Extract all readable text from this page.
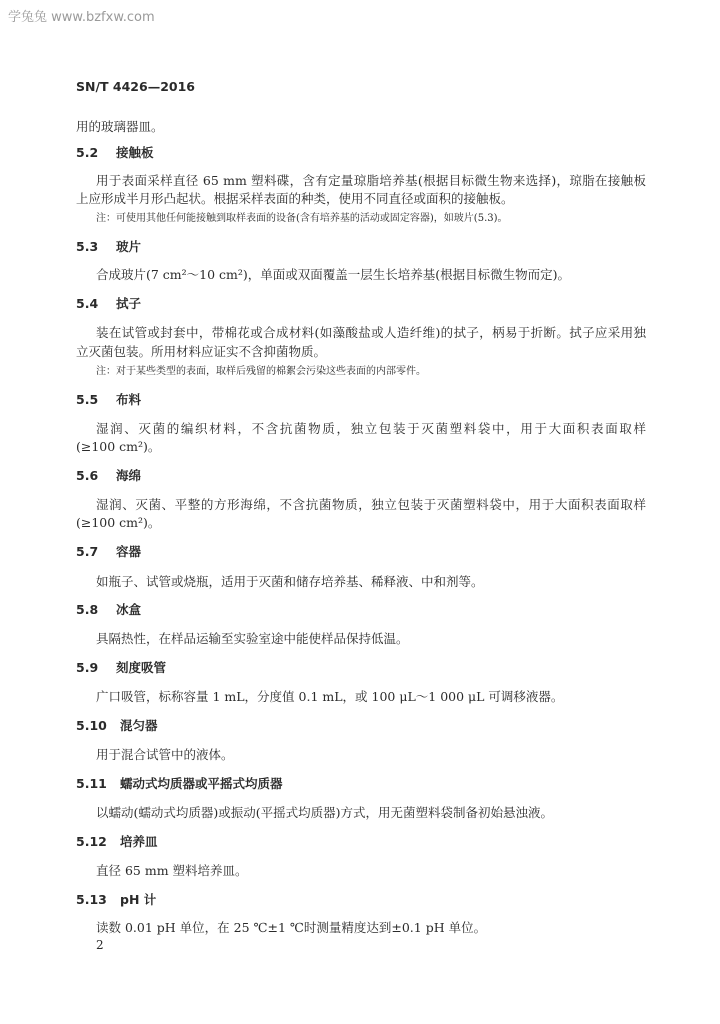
学兔兔 www.bzfxw.com
SN/T 4426—2016
用的玻璃器皿。
5.2 接触板
用于表面采样直径 65 mm 塑料碟，含有定量琼脂培养基(根据目标微生物来选择)，琼脂在接触板
上应形成半月形凸起状。根据采样表面的种类，使用不同直径或面积的接触板。
注：可使用其他任何能接触到取样表面的设备(含有培养基的活动或固定容器)，如玻片(5.3)。
5.3 玻片
合成玻片(7 cm²～10 cm²)，单面或双面覆盖一层生长培养基(根据目标微生物而定)。
5.4 拭子
装在试管或封套中，带棉花或合成材料(如藻酸盐或人造纤维)的拭子，柄易于折断。拭子应采用独
立灭菌包装。所用材料应证实不含抑菌物质。
注：对于某些类型的表面，取样后残留的棉絮会污染这些表面的内部零件。
5.5 布料
湿润、灭菌的编织材料，不含抗菌物质，独立包装于灭菌塑料袋中，用于大面积表面取样
(≥100 cm²)。
5.6 海绵
湿润、灭菌、平整的方形海绵，不含抗菌物质，独立包装于灭菌塑料袋中，用于大面积表面取样
(≥100 cm²)。
5.7 容器
如瓶子、试管或烧瓶，适用于灭菌和储存培养基、稀释液、中和剂等。
5.8 冰盒
具隔热性，在样品运输至实验室途中能使样品保持低温。
5.9 刻度吸管
广口吸管，标称容量 1 mL，分度值 0.1 mL，或 100 μL～1 000 μL 可调移液器。
5.10 混匀器
用于混合试管中的液体。
5.11 蠕动式均质器或平摇式均质器
以蠕动(蠕动式均质器)或振动(平摇式均质器)方式，用无菌塑料袋制备初始悬浊液。
5.12 培养皿
直径 65 mm 塑料培养皿。
5.13 pH 计
读数 0.01 pH 单位，在 25 ℃±1 ℃时测量精度达到±0.1 pH 单位。
2
